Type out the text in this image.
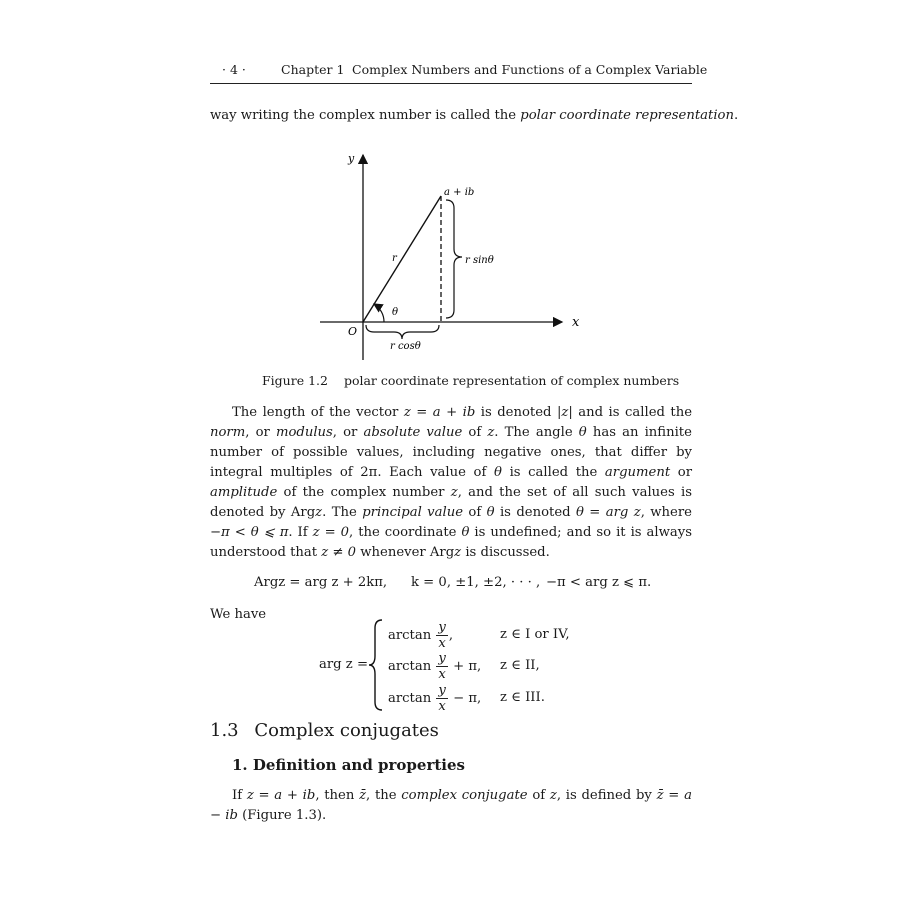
· 4 ·	Chapter 1 Complex Numbers and Functions of a Complex Variable
way writing the complex number is called the polar coordinate representation.
y
x
O
a + ib
r
θ
r sinθ
r cosθ
Figure 1.2 polar coordinate representation of complex numbers

The length of the vector z = a + ib is denoted |z| and is called the norm, or modulus, or absolute value of z. The angle θ has an infinite number of possible values, including negative ones, that differ by integral multiples of 2π. Each value of θ is called the argument or amplitude of the complex number z, and the set of all such values is denoted by Argz. The principal value of θ is denoted θ = arg z, where −π < θ ⩽ π. If z = 0, the coordinate θ is undefined; and so it is always understood that z ≠ 0 whenever Argz is discussed.

Argz = arg z + 2kπ, k = 0, ±1, ±2, · · · , −π < arg z ⩽ π.
We have
arg z =
$\arctan \frac{y}{x}$ ,	z ∈ I or IV,
$\arctan \frac{y}{x} + \pi$, z ∈ II,
$\arctan \frac{y}{x} - \pi$, z ∈ III.
1.3 Complex conjugates
1. Definition and properties

If z = a + ib, then z̄, the complex conjugate of z, is defined by z̄ = a − ib (Figure 1.3).
